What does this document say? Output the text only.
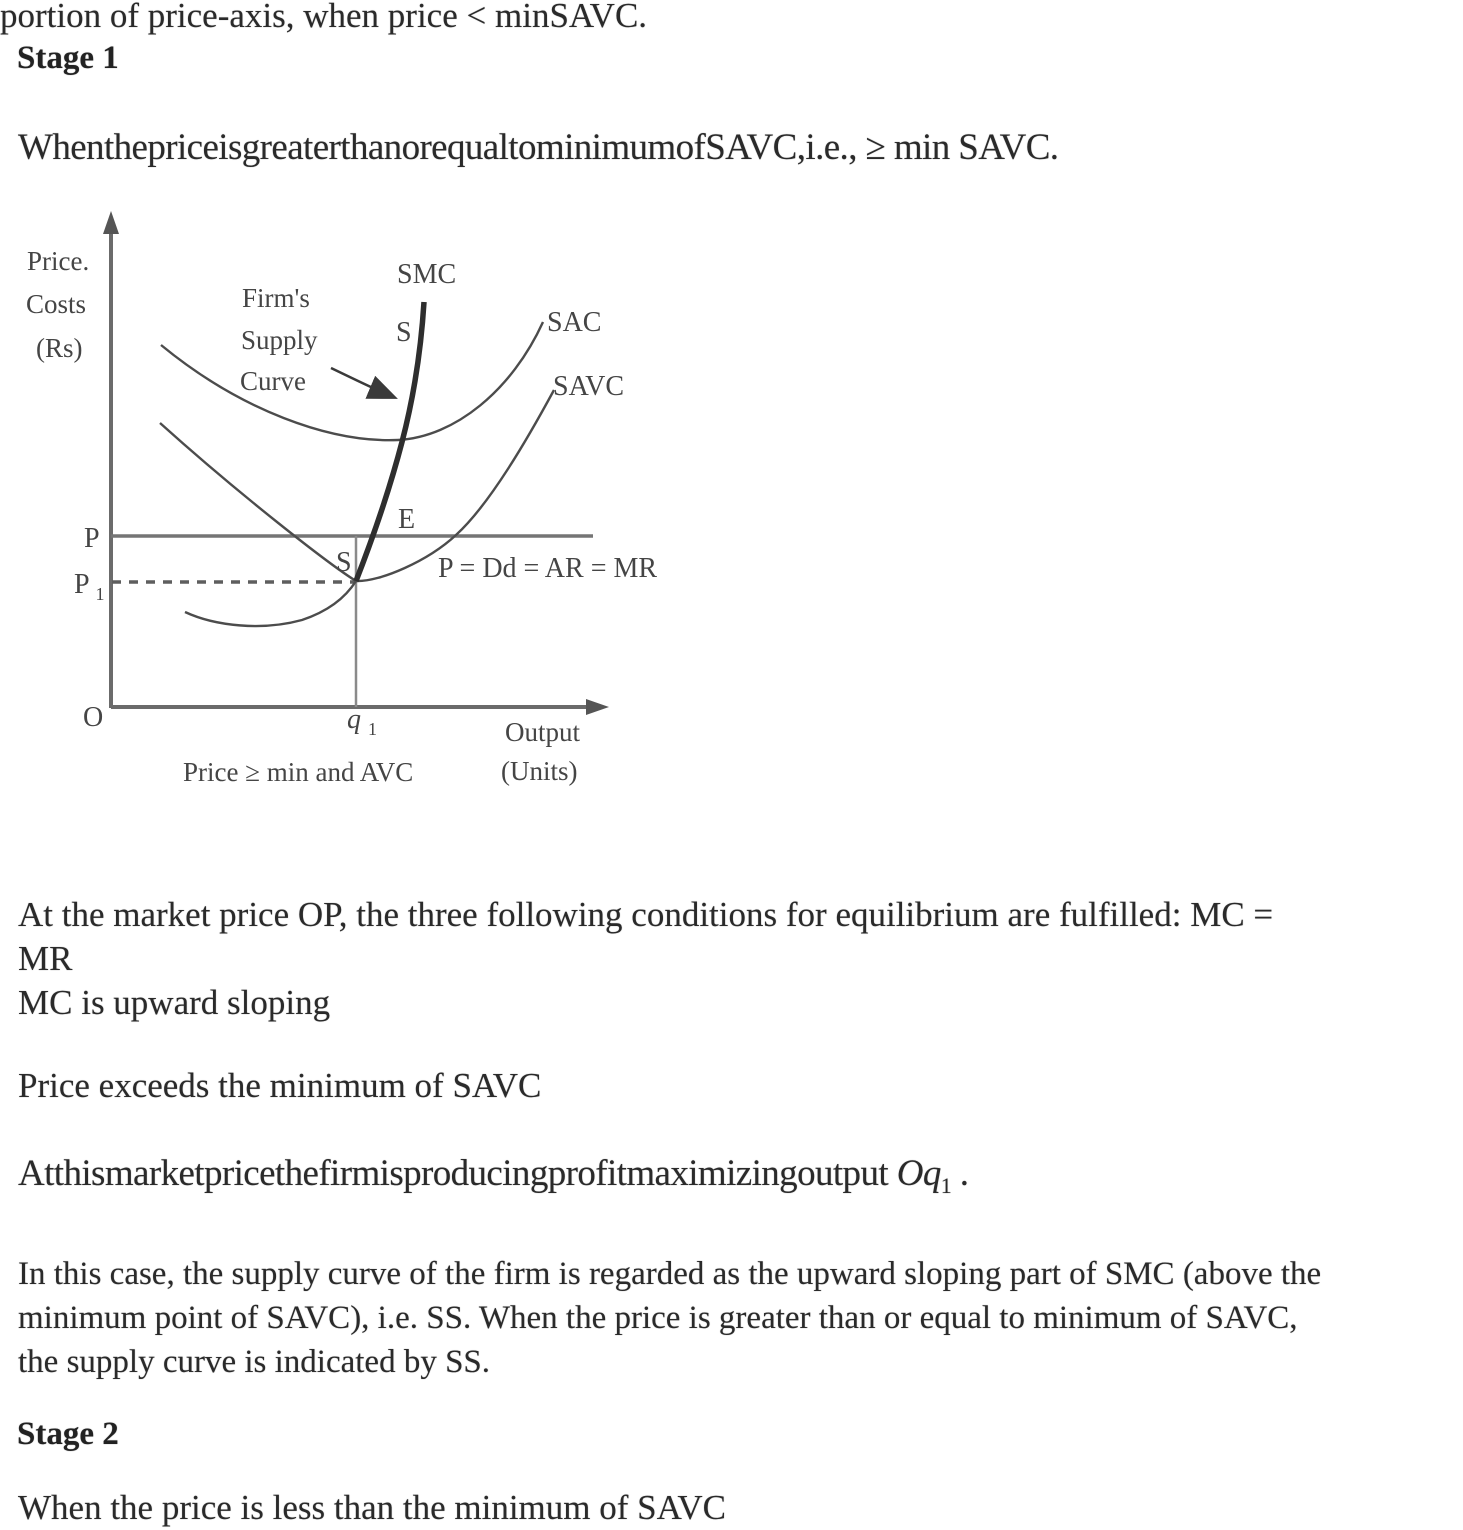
portion of price-axis, when price < minSAVC.
Stage 1
WhenthepriceisgreaterthanorequaltominimumofSAVC,i.e., ≥ min SAVC.
Price. Costs (Rs)
Firm's Supply Curve
SMC
SAC
SAVC
S
S
E
P
P $_1$
O	q $_1$
P = Dd = AR = MR
Output (Units)
Price ≥ min and AVC
At the market price OP, the three following conditions for equilibrium are fulfilled: MC =
MR
MC is upward sloping
Price exceeds the minimum of SAVC
Atthismarketpricethefirmisproducingprofitmaximizingoutput $Oq_1$ .
In this case, the supply curve of the firm is regarded as the upward sloping part of SMC (above the
minimum point of SAVC), i.e. SS. When the price is greater than or equal to minimum of SAVC,
the supply curve is indicated by SS.
Stage 2
When the price is less than the minimum of SAVC
